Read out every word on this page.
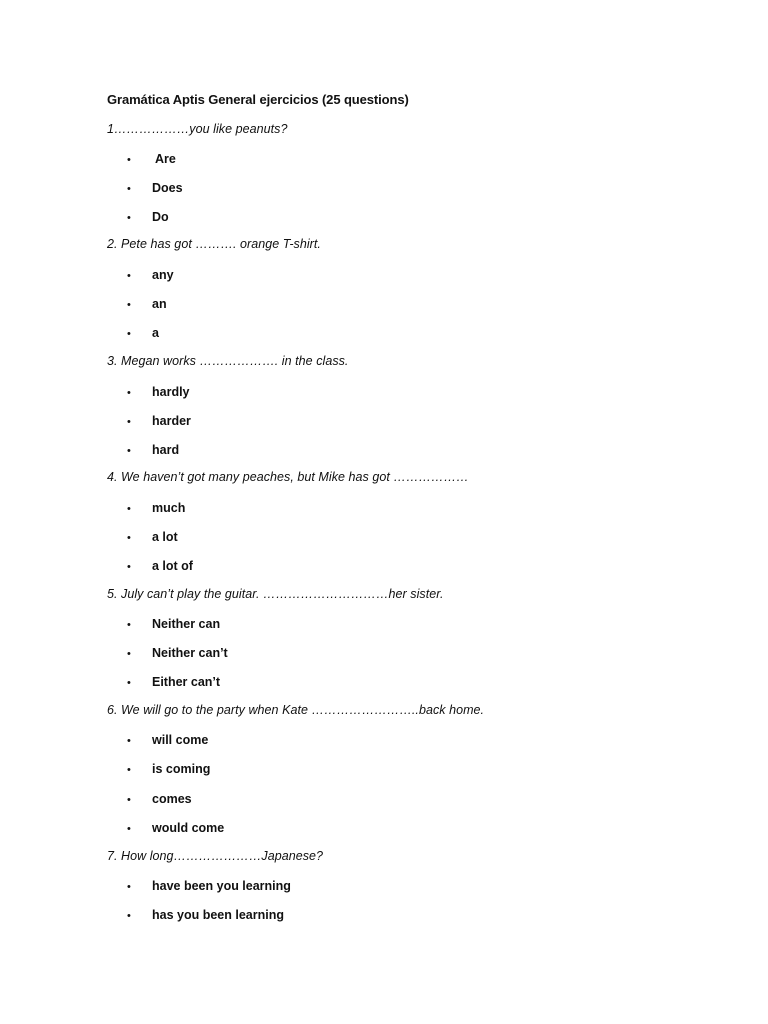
Gramática Aptis General ejercicios (25 questions)
1………………you like peanuts?
• Are
• Does
• Do
2. Pete has got ………. orange T-shirt.
• any
• an
• a
3. Megan works ………………. in the class.
• hardly
• harder
• hard
4. We haven’t got many peaches, but Mike has got ………………
• much
• a lot
• a lot of
5. July can’t play the guitar. …………………………her sister.
• Neither can
• Neither can’t
• Either can’t
6. We will go to the party when Kate ……………………..back home.
• will come
• is coming
• comes
• would come
7. How long…………………Japanese?
• have been you learning
• has you been learning
